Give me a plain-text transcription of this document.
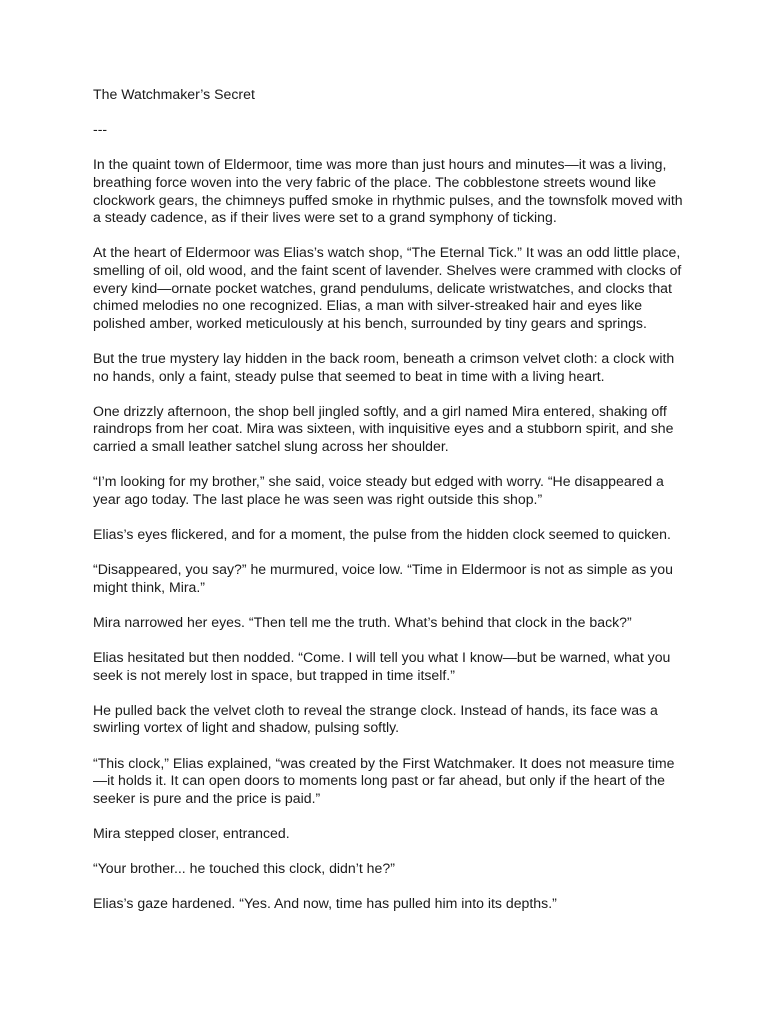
The Watchmaker’s Secret

---

In the quaint town of Eldermoor, time was more than just hours and minutes—it was a living, breathing force woven into the very fabric of the place. The cobblestone streets wound like clockwork gears, the chimneys puffed smoke in rhythmic pulses, and the townsfolk moved with a steady cadence, as if their lives were set to a grand symphony of ticking.

At the heart of Eldermoor was Elias’s watch shop, “The Eternal Tick.” It was an odd little place, smelling of oil, old wood, and the faint scent of lavender. Shelves were crammed with clocks of every kind—ornate pocket watches, grand pendulums, delicate wristwatches, and clocks that chimed melodies no one recognized. Elias, a man with silver-streaked hair and eyes like polished amber, worked meticulously at his bench, surrounded by tiny gears and springs.

But the true mystery lay hidden in the back room, beneath a crimson velvet cloth: a clock with no hands, only a faint, steady pulse that seemed to beat in time with a living heart.

One drizzly afternoon, the shop bell jingled softly, and a girl named Mira entered, shaking off raindrops from her coat. Mira was sixteen, with inquisitive eyes and a stubborn spirit, and she carried a small leather satchel slung across her shoulder.

“I’m looking for my brother,” she said, voice steady but edged with worry. “He disappeared a year ago today. The last place he was seen was right outside this shop.”

Elias’s eyes flickered, and for a moment, the pulse from the hidden clock seemed to quicken.

“Disappeared, you say?” he murmured, voice low. “Time in Eldermoor is not as simple as you might think, Mira.”

Mira narrowed her eyes. “Then tell me the truth. What’s behind that clock in the back?”

Elias hesitated but then nodded. “Come. I will tell you what I know—but be warned, what you seek is not merely lost in space, but trapped in time itself.”

He pulled back the velvet cloth to reveal the strange clock. Instead of hands, its face was a swirling vortex of light and shadow, pulsing softly.

“This clock,” Elias explained, “was created by the First Watchmaker. It does not measure time—it holds it. It can open doors to moments long past or far ahead, but only if the heart of the seeker is pure and the price is paid.”

Mira stepped closer, entranced.

“Your brother... he touched this clock, didn’t he?”

Elias’s gaze hardened. “Yes. And now, time has pulled him into its depths.”
